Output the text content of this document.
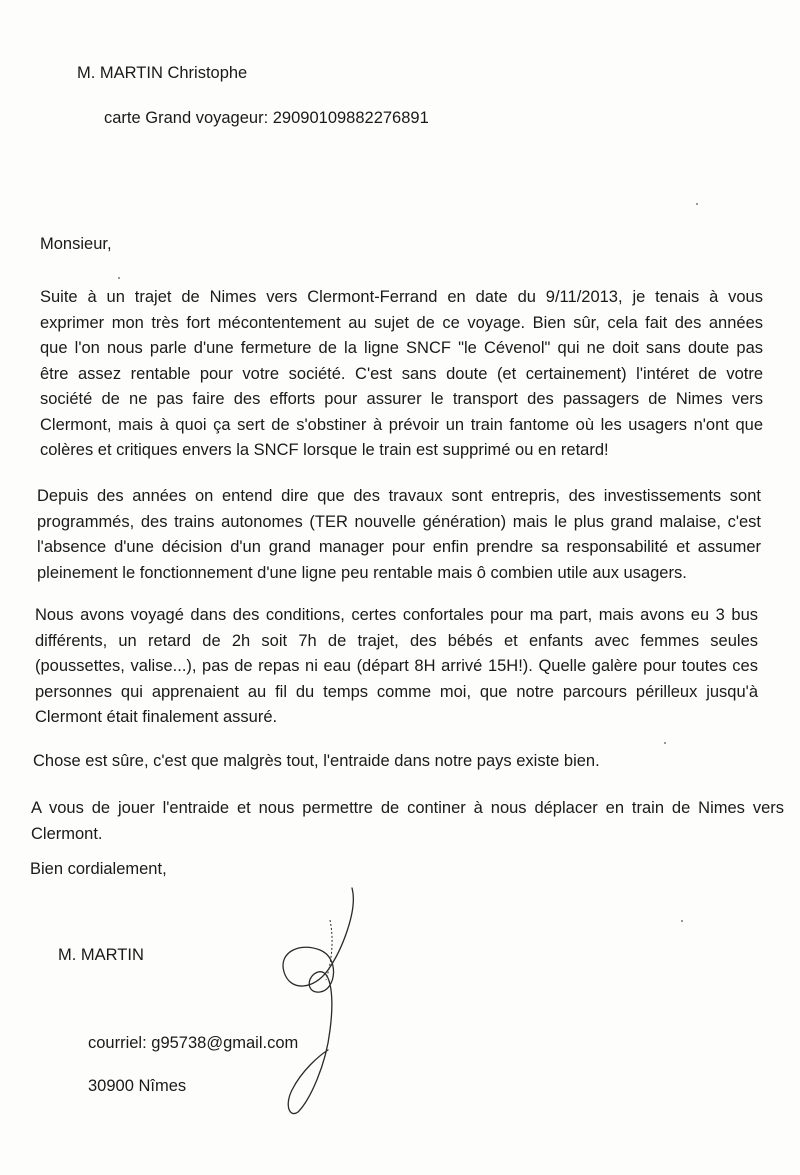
M. MARTIN Christophe
carte Grand voyageur: 29090109882276891
Monsieur,
Suite à un trajet de Nimes vers Clermont-Ferrand en date du 9/11/2013, je tenais à vous
exprimer mon très fort mécontentement au sujet de ce voyage. Bien sûr, cela fait des années
que l'on nous parle d'une fermeture de la ligne SNCF "le Cévenol" qui ne doit sans doute pas
être assez rentable pour votre société. C'est sans doute (et certainement) l'intéret de votre
société de ne pas faire des efforts pour assurer le transport des passagers de Nimes vers
Clermont, mais à quoi ça sert de s'obstiner à prévoir un train fantome où les usagers n'ont que
colères et critiques envers la SNCF lorsque le train est supprimé ou en retard!
Depuis des années on entend dire que des travaux sont entrepris, des investissements sont
programmés, des trains autonomes (TER nouvelle génération) mais le plus grand malaise, c'est
l'absence d'une décision d'un grand manager pour enfin prendre sa responsabilité et assumer
pleinement le fonctionnement d'une ligne peu rentable mais ô combien utile aux usagers.
Nous avons voyagé dans des conditions, certes confortales pour ma part, mais avons eu 3 bus
différents, un retard de 2h soit 7h de trajet, des bébés et enfants avec femmes seules
(poussettes, valise...), pas de repas ni eau (départ 8H arrivé 15H!). Quelle galère pour toutes ces
personnes qui apprenaient au fil du temps comme moi, que notre parcours périlleux jusqu'à
Clermont était finalement assuré.
Chose est sûre, c'est que malgrès tout, l'entraide dans notre pays existe bien.
A vous de jouer l'entraide et nous permettre de continer à nous déplacer en train de Nimes vers
Clermont.
Bien cordialement,
M. MARTIN
courriel: g95738@gmail.com
30900 Nîmes
